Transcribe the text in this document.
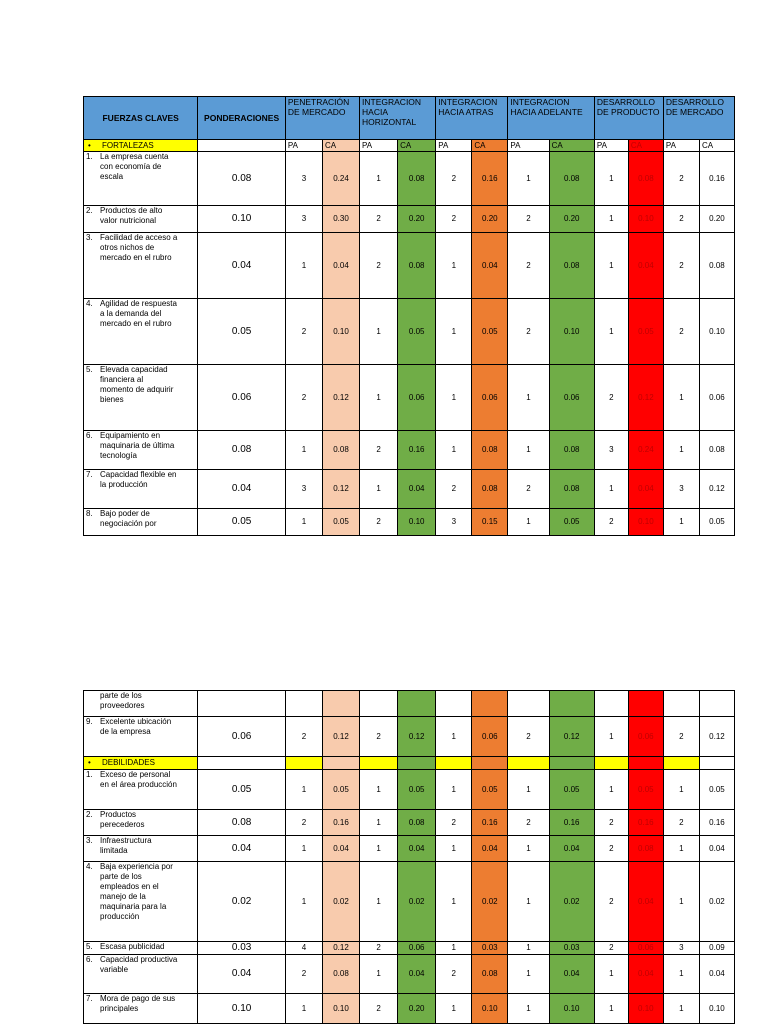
FUERZAS CLAVES	PONDERACIONES	PENETRACIÓN DE MERCADO		INTEGRACION HACIA HORIZONTAL		INTEGRACION HACIA ATRAS		INTEGRACION HACIA ADELANTE		DESARROLLO DE PRODUCTO		DESARROLLO DE MERCADO	
• FORTALEZAS		PA	CA	PA	CA	PA	CA	PA	CA	PA	CA	PA	CA

1. La empresa cuenta con economía de escala	0.08	3	0.24	1	0.08	2	0.16	1	0.08	1	0.08	2	0.16

2. Productos de alto valor nutricional	0.10	3	0.30	2	0.20	2	0.20	2	0.20	1	0.10	2	0.20

3. Facilidad de acceso a otros nichos de mercado en el rubro	0.04	1	0.04	2	0.08	1	0.04	2	0.08	1	0.04	2	0.08

4. Agilidad de respuesta a la demanda del mercado en el rubro	0.05	2	0.10	1	0.05	1	0.05	2	0.10	1	0.05	2	0.10

5. Elevada capacidad financiera al momento de adquirir bienes	0.06	2	0.12	1	0.06	1	0.06	1	0.06	2	0.12	1	0.06

6. Equipamiento en maquinaria de última tecnología	0.08	1	0.08	2	0.16	1	0.08	1	0.08	3	0.24	1	0.08

7. Capacidad flexible en la producción	0.04	3	0.12	1	0.04	2	0.08	2	0.08	1	0.04	3	0.12

8. Bajo poder de negociación por	0.05	1	0.05	2	0.10	3	0.15	1	0.05	2	0.10	1	0.05
parte de los proveedores													

9. Excelente ubicación de la empresa	0.06	2	0.12	2	0.12	1	0.06	2	0.12	1	0.06	2	0.12
• DEBILIDADES													

1. Exceso de personal en el área producción	0.05	1	0.05	1	0.05	1	0.05	1	0.05	1	0.05	1	0.05

2. Productos perecederos	0.08	2	0.16	1	0.08	2	0.16	2	0.16	2	0.16	2	0.16

3. Infraestructura limitada	0.04	1	0.04	1	0.04	1	0.04	1	0.04	2	0.08	1	0.04

4. Baja experiencia por parte de los empleados en el manejo de la maquinaria para la producción	0.02	1	0.02	1	0.02	1	0.02	1	0.02	2	0.04	1	0.02

5. Escasa publicidad	0.03	4	0.12	2	0.06	1	0.03	1	0.03	2	0.06	3	0.09

6. Capacidad productiva variable	0.04	2	0.08	1	0.04	2	0.08	1	0.04	1	0.04	1	0.04

7. Mora de pago de sus principales	0.10	1	0.10	2	0.20	1	0.10	1	0.10	1	0.10	1	0.10
